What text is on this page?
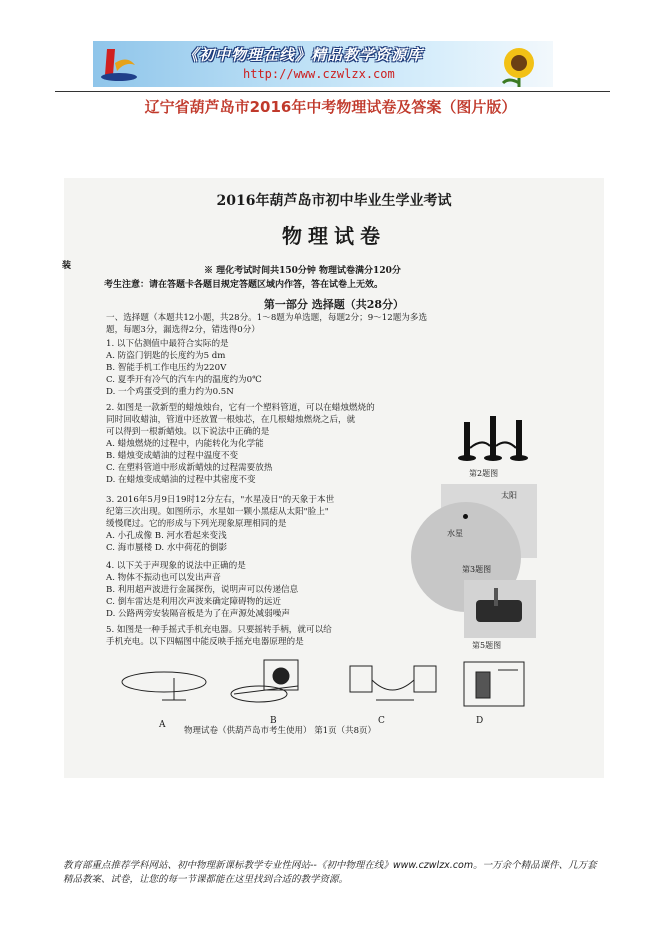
《初中物理在线》精品教学资源库
http://www.czwlzx.com
辽宁省葫芦岛市2016年中考物理试卷及答案（图片版）
装
2016年葫芦岛市初中毕业生学业考试
物理试卷
※ 理化考试时间共150分钟 物理试卷满分120分
考生注意：请在答题卡各题目规定答题区域内作答，答在试卷上无效。
第一部分 选择题（共28分）
一、选择题（本题共12小题，共28分。1～8题为单选题，每题2分；9～12题为多选
题，每题3分，漏选得2分，错选得0分）
1. 以下估测值中最符合实际的是
A. 防盗门钥匙的长度约为5 dm
B. 智能手机工作电压约为220V
C. 夏季开有冷气的汽车内的温度约为0℃
D. 一个鸡蛋受到的重力约为0.5N
2. 如图是一款新型的蜡烛烛台，它有一个塑料管道，可以在蜡烛燃烧的
同时回收蜡油，管道中还放置一根烛芯，在几根蜡烛燃烧之后，就
可以得到一根新蜡烛。以下说法中正确的是
A. 蜡烛燃烧的过程中，内能转化为化学能
B. 蜡烛变成蜡油的过程中温度不变
C. 在塑料管道中形成新蜡烛的过程需要放热
D. 在蜡烛变成蜡油的过程中其密度不变
第2题图
3. 2016年5月9日19时12分左右，"水星凌日"的天象于本世
纪第三次出现。如图所示，水星如一颗小黑痣从太阳"脸上"
缓慢爬过。它的形成与下列光现象原理相同的是
A. 小孔成像 B. 河水看起来变浅
C. 海市蜃楼 D. 水中荷花的倒影
太阳
水星
第3题图
4. 以下关于声现象的说法中正确的是
A. 物体不振动也可以发出声音
B. 利用超声波进行金属探伤，说明声可以传递信息
C. 倒车雷达是利用次声波来确定障碍物的远近
D. 公路两旁安装隔音板是为了在声源处减弱噪声
第5题图
5. 如图是一种手摇式手机充电器。只要摇转手柄，就可以给
手机充电。以下四幅图中能反映手摇充电器原理的是
A	B	C	D
物理试卷（供葫芦岛市考生使用） 第1页（共8页）
教育部重点推荐学科网站、初中物理新课标教学专业性网站--《初中物理在线》www.czwlzx.com。一万余个精品课件、几万套精品教案、试卷，让您的每一节课都能在这里找到合适的教学资源。
